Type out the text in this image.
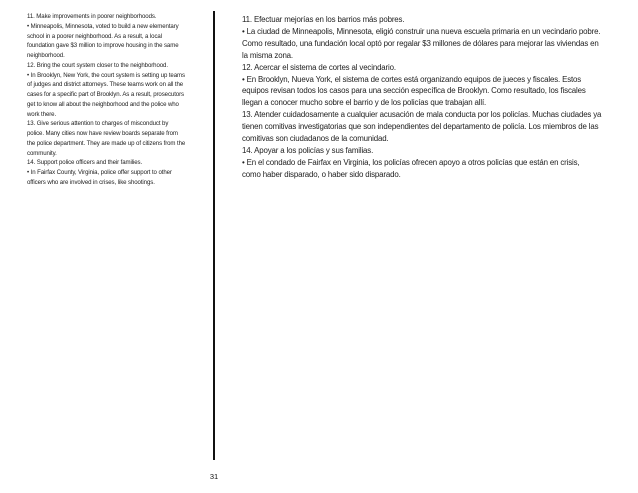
11. Make improvements in poorer neighborhoods.
• Minneapolis, Minnesota, voted to build a new elementary
school in a poorer neighborhood. As a result, a local
foundation gave $3 million to improve housing in the same
neighborhood.
12. Bring the court system closer to the neighborhood.
• In Brooklyn, New York, the court system is setting up teams
of judges and district attorneys. These teams work on all the
cases for a specific part of Brooklyn. As a result, prosecutors
get to know all about the neighborhood and the police who
work there.
13. Give serious attention to charges of misconduct by
police. Many cities now have review boards separate from
the police department. They are made up of citizens from the
community.
14. Support police officers and their families.
• In Fairfax County, Virginia, police offer support to other
officers who are involved in crises, like shootings.
11. Efectuar mejorías en los barrios más pobres.
• La ciudad de Minneapolis, Minnesota, eligió construir una nueva escuela primaria en un vecindario pobre.
Como resultado, una fundación local optó por regalar $3 millones de dólares para mejorar las viviendas en
la misma zona.
12. Acercar el sistema de cortes al vecindario.
• En Brooklyn, Nueva York, el sistema de cortes está organizando equipos de jueces y fiscales. Estos
equipos revisan todos los casos para una sección específica de Brooklyn. Como resultado, los fiscales
llegan a conocer mucho sobre el barrio y de los policías que trabajan allí.
13. Atender cuidadosamente a cualquier acusación de mala conducta por los policías. Muchas ciudades ya
tienen comitivas investigatorias que son independientes del departamento de policía. Los miembros de las
comitivas son ciudadanos de la comunidad.
14. Apoyar a los policías y sus familias.
• En el condado de Fairfax en Virginia, los policías ofrecen apoyo a otros policías que están en crisis,
como haber disparado, o haber sido disparado.
31
